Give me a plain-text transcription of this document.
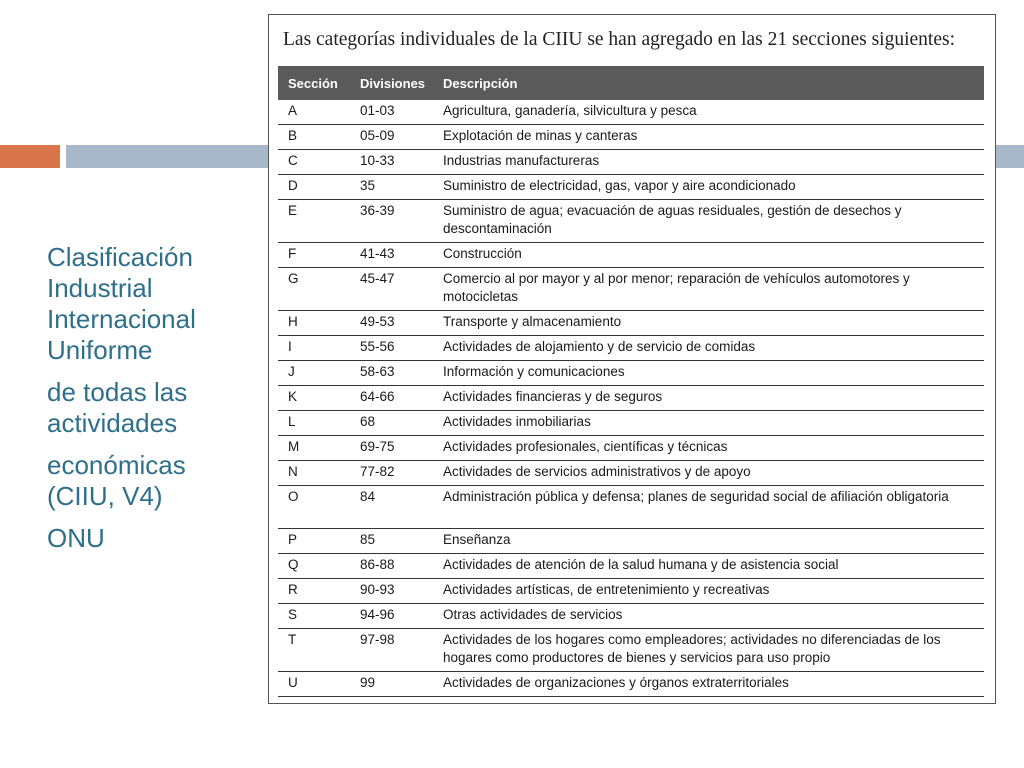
Clasificación Industrial Internacional Uniforme

de todas las actividades

económicas (CIIU, V4)

ONU

Las categorías individuales de la CIIU se han agregado en las 21 secciones siguientes:
Sección	Divisiones	Descripción
A	01-03	Agricultura, ganadería, silvicultura y pesca
B	05-09	Explotación de minas y canteras
C	10-33	Industrias manufactureras
D	35	Suministro de electricidad, gas, vapor y aire acondicionado
E	36-39	Suministro de agua; evacuación de aguas residuales, gestión de desechos y descontaminación
F	41-43	Construcción
G	45-47	Comercio al por mayor y al por menor; reparación de vehículos automotores y motocicletas
H	49-53	Transporte y almacenamiento
I	55-56	Actividades de alojamiento y de servicio de comidas
J	58-63	Información y comunicaciones
K	64-66	Actividades financieras y de seguros
L	68	Actividades inmobiliarias
M	69-75	Actividades profesionales, científicas y técnicas
N	77-82	Actividades de servicios administrativos y de apoyo
O	84	Administración pública y defensa; planes de seguridad social de afiliación obligatoria
P	85	Enseñanza
Q	86-88	Actividades de atención de la salud humana y de asistencia social
R	90-93	Actividades artísticas, de entretenimiento y recreativas
S	94-96	Otras actividades de servicios
T	97-98	Actividades de los hogares como empleadores; actividades no diferenciadas de los hogares como productores de bienes y servicios para uso propio
U	99	Actividades de organizaciones y órganos extraterritoriales
